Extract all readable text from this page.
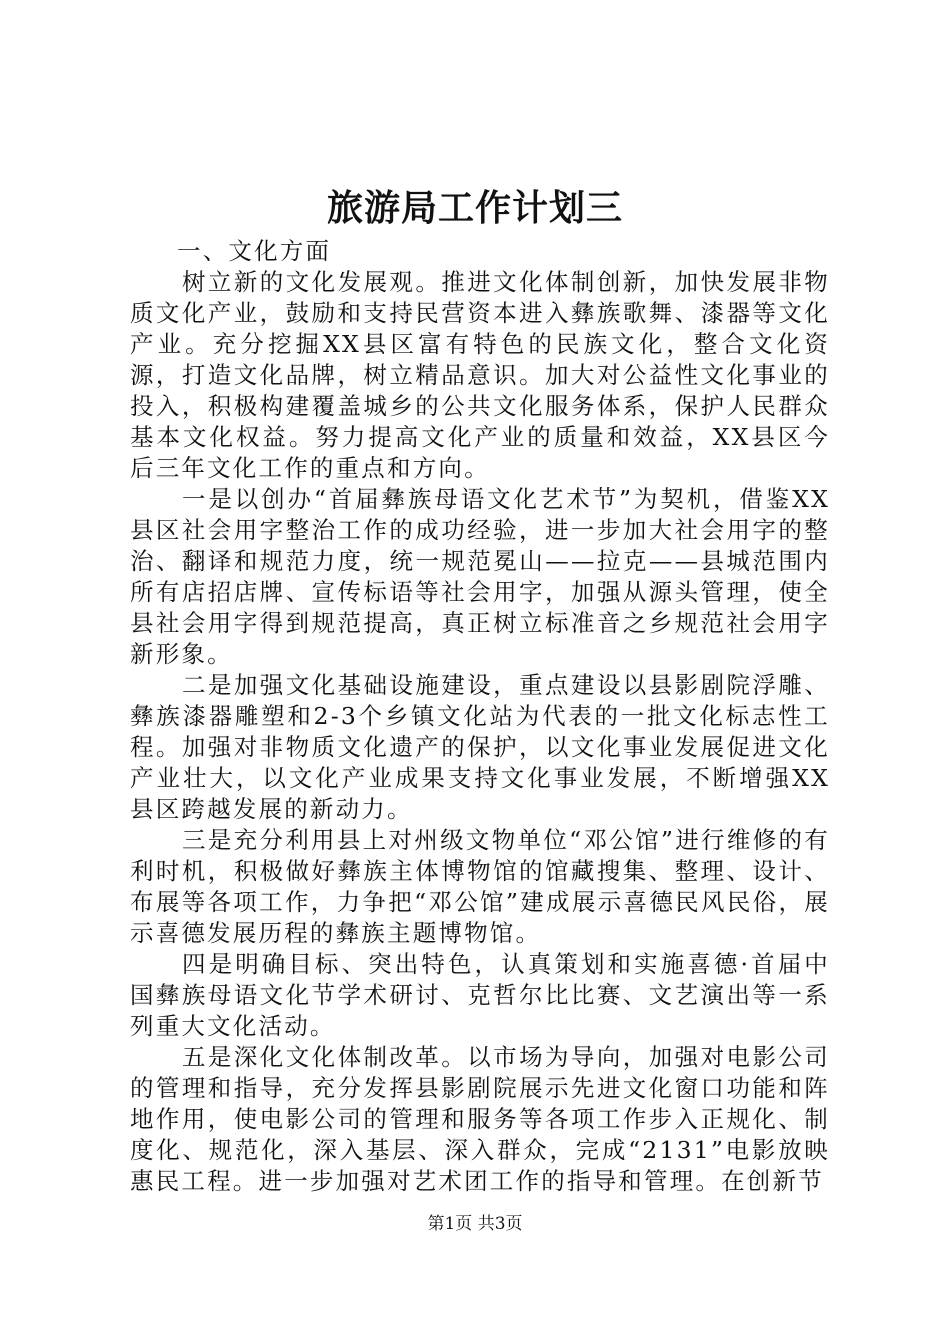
旅游局工作计划三

一、文化方面

树立新的文化发展观。推进文化体制创新，加快发展非物质文化产业，鼓励和支持民营资本进入彝族歌舞、漆器等文化产业。充分挖掘XX县区富有特色的民族文化，整合文化资源，打造文化品牌，树立精品意识。加大对公益性文化事业的投入，积极构建覆盖城乡的公共文化服务体系，保护人民群众基本文化权益。努力提高文化产业的质量和效益，XX县区今后三年文化工作的重点和方向。

一是以创办“首届彝族母语文化艺术节”为契机，借鉴XX县区社会用字整治工作的成功经验，进一步加大社会用字的整治、翻译和规范力度，统一规范冕山——拉克——县城范围内所有店招店牌、宣传标语等社会用字，加强从源头管理，使全县社会用字得到规范提高，真正树立标准音之乡规范社会用字新形象。

二是加强文化基础设施建设，重点建设以县影剧院浮雕、彝族漆器雕塑和2-3个乡镇文化站为代表的一批文化标志性工程。加强对非物质文化遗产的保护，以文化事业发展促进文化产业壮大，以文化产业成果支持文化事业发展，不断增强XX县区跨越发展的新动力。

三是充分利用县上对州级文物单位“邓公馆”进行维修的有利时机，积极做好彝族主体博物馆的馆藏搜集、整理、设计、布展等各项工作，力争把“邓公馆”建成展示喜德民风民俗，展示喜德发展历程的彝族主题博物馆。

四是明确目标、突出特色，认真策划和实施喜德·首届中国彝族母语文化节学术研讨、克哲尔比比赛、文艺演出等一系列重大文化活动。

五是深化文化体制改革。以市场为导向，加强对电影公司的管理和指导，充分发挥县影剧院展示先进文化窗口功能和阵地作用，使电影公司的管理和服务等各项工作步入正规化、制度化、规范化，深入基层、深入群众，完成“2131”电影放映惠民工程。进一步加强对艺术团工作的指导和管理。在创新节

第1页 共3页
